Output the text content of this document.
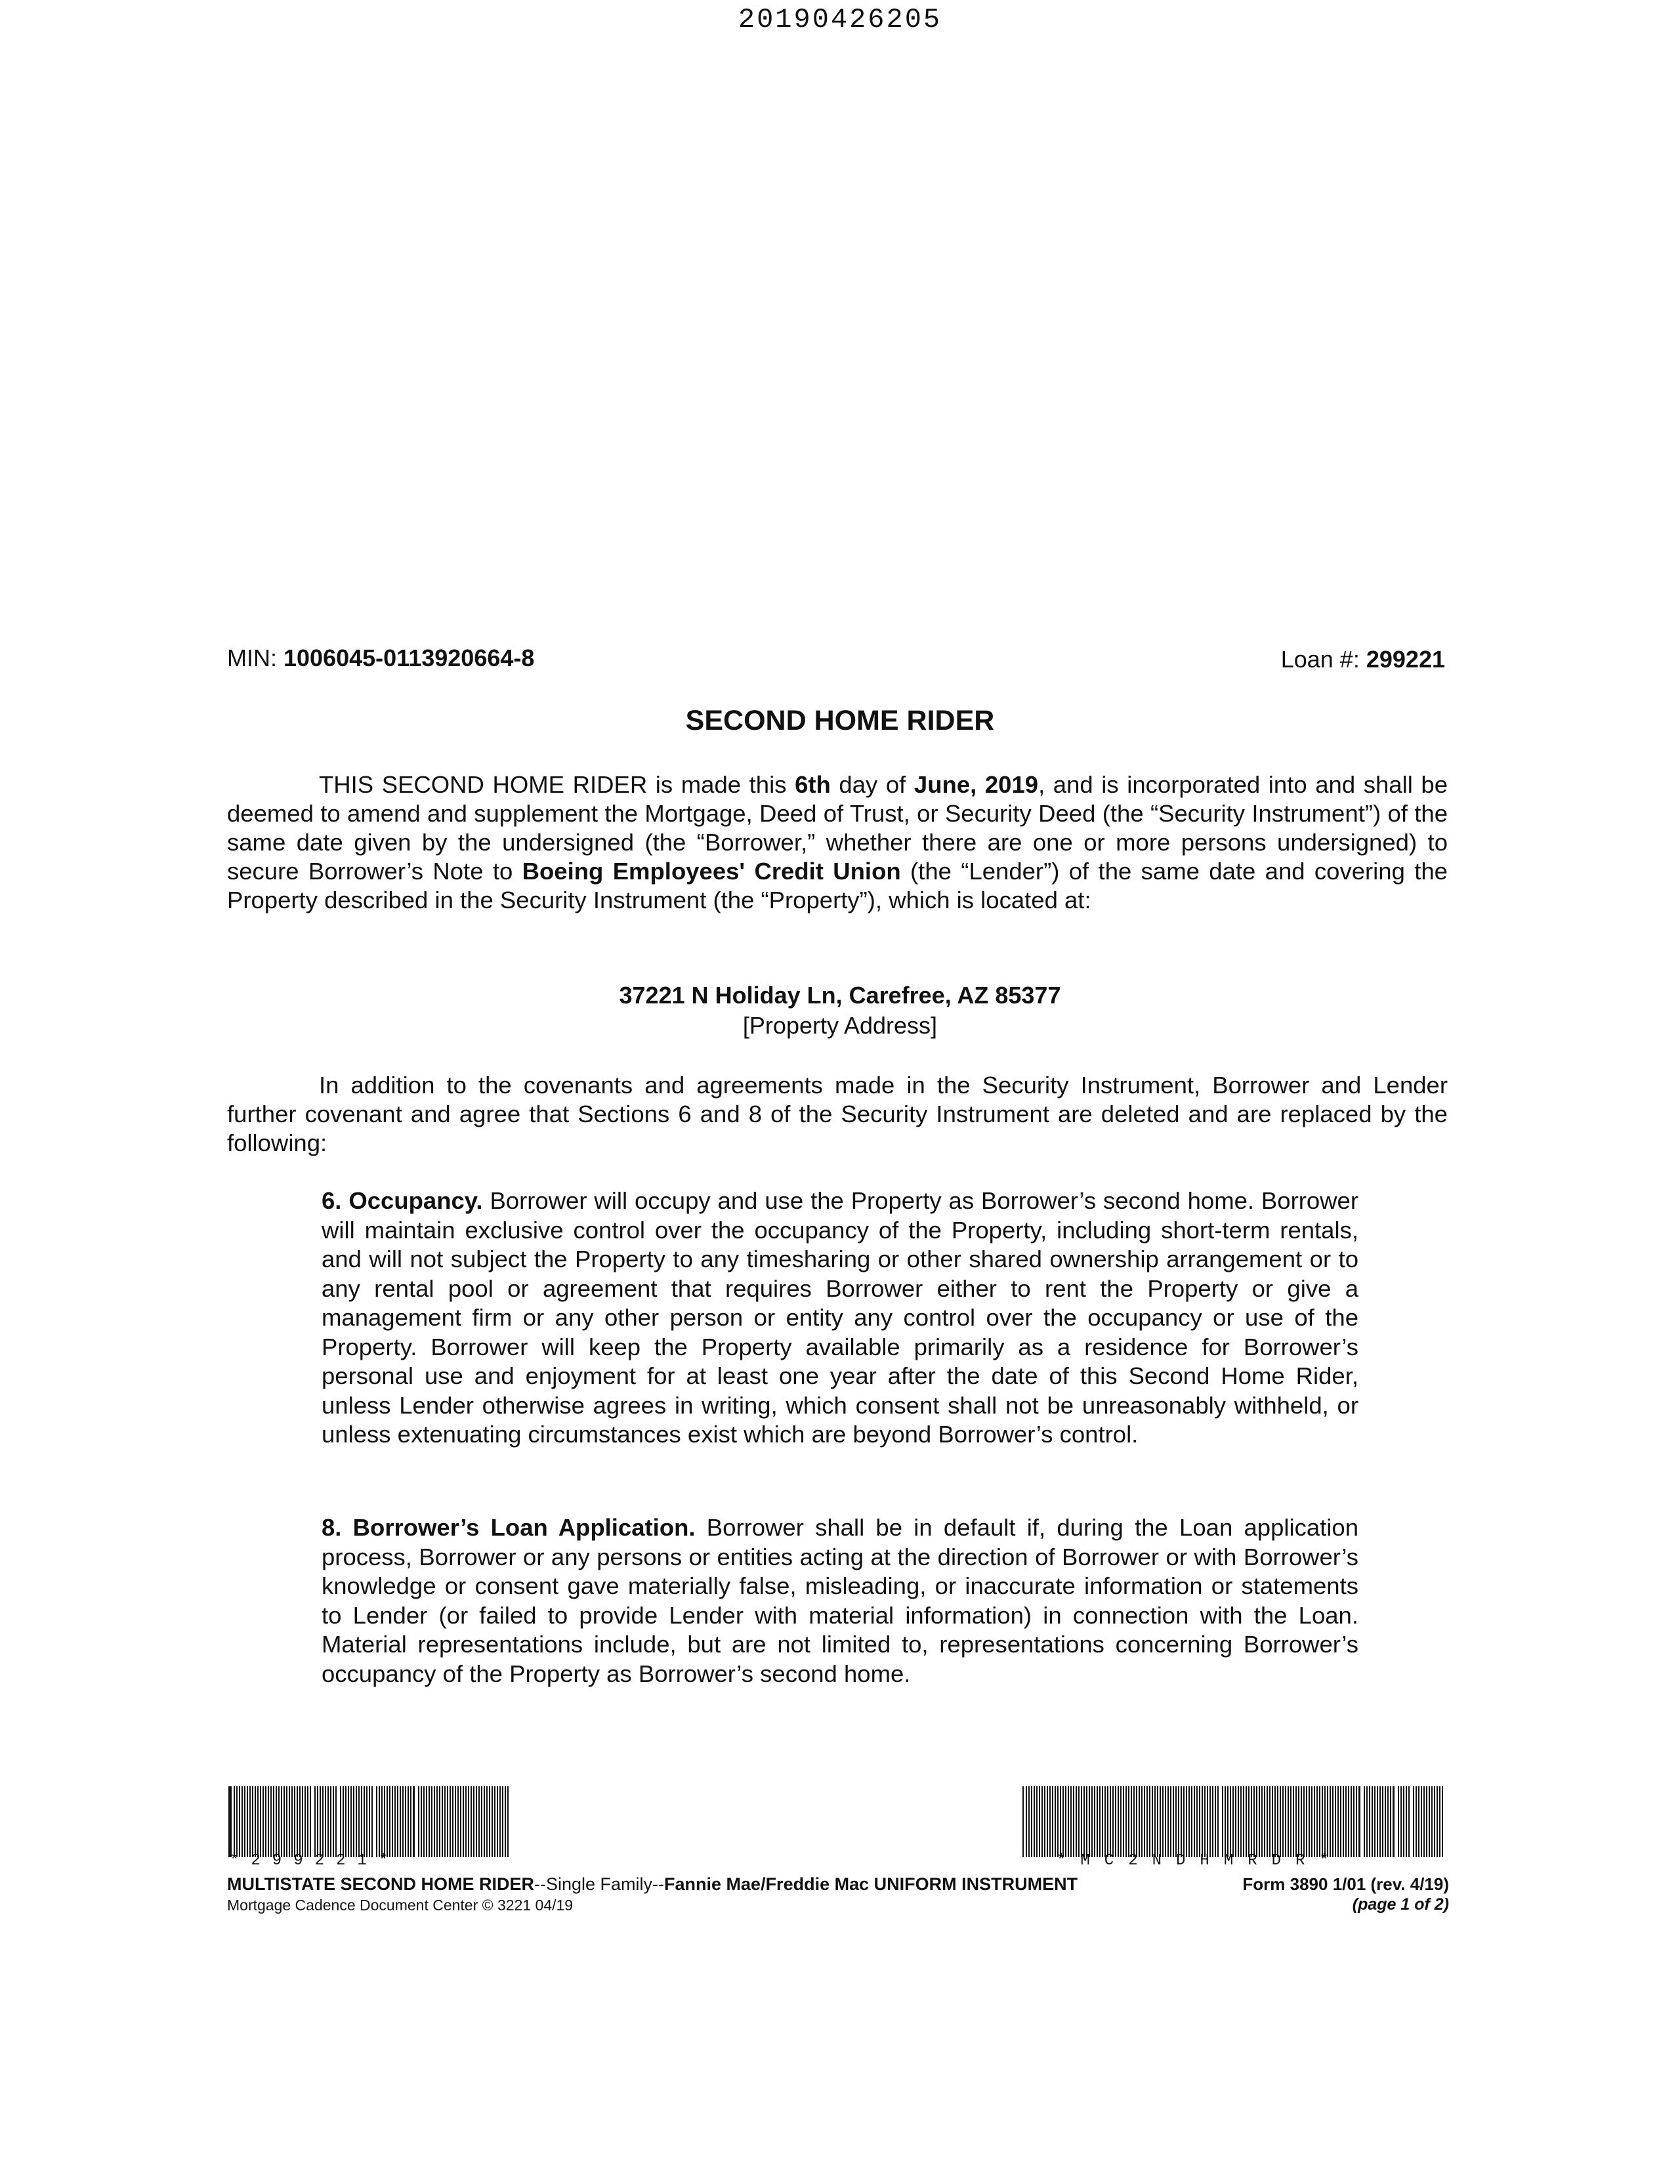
20190426205
MIN: 1006045-0113920664-8	Loan #: 299221
SECOND HOME RIDER
THIS SECOND HOME RIDER is made this 6th day of June, 2019, and is incorporated into and shall be deemed to amend and supplement the Mortgage, Deed of Trust, or Security Deed (the “Security Instrument”) of the same date given by the undersigned (the “Borrower,” whether there are one or more persons undersigned) to secure Borrower’s Note to Boeing Employees' Credit Union (the “Lender”) of the same date and covering the Property described in the Security Instrument (the “Property”), which is located at:
37221 N Holiday Ln, Carefree, AZ 85377
[Property Address]
In addition to the covenants and agreements made in the Security Instrument, Borrower and Lender further covenant and agree that Sections 6 and 8 of the Security Instrument are deleted and are replaced by the following:
6. Occupancy. Borrower will occupy and use the Property as Borrower’s second home. Borrower will maintain exclusive control over the occupancy of the Property, including short-term rentals, and will not subject the Property to any timesharing or other shared ownership arrangement or to any rental pool or agreement that requires Borrower either to rent the Property or give a management firm or any other person or entity any control over the occupancy or use of the Property. Borrower will keep the Property available primarily as a residence for Borrower’s personal use and enjoyment for at least one year after the date of this Second Home Rider, unless Lender otherwise agrees in writing, which consent shall not be unreasonably withheld, or unless extenuating circumstances exist which are beyond Borrower’s control.
8. Borrower’s Loan Application. Borrower shall be in default if, during the Loan application process, Borrower or any persons or entities acting at the direction of Borrower or with Borrower’s knowledge or consent gave materially false, misleading, or inaccurate information or statements to Lender (or failed to provide Lender with material information) in connection with the Loan. Material representations include, but are not limited to, representations concerning Borrower’s occupancy of the Property as Borrower’s second home.
*299221*	*MC2NDHMRDR*
MULTISTATE SECOND HOME RIDER--Single Family--Fannie Mae/Freddie Mac UNIFORM INSTRUMENT
Mortgage Cadence Document Center © 3221 04/19
Form 3890 1/01 (rev. 4/19)
(page 1 of 2)
